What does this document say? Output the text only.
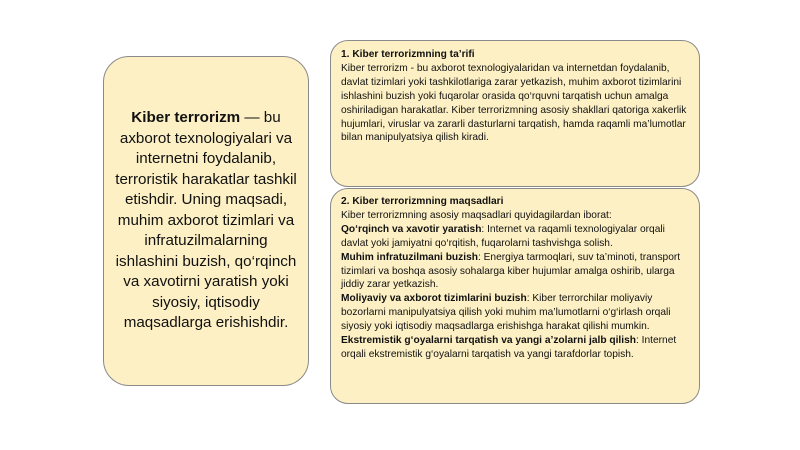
Kiber terrorizm — bu axborot texnologiyalari va internetni foydalanib, terroristik harakatlar tashkil etishdir. Uning maqsadi, muhim axborot tizimlari va infratuzilmalarning ishlashini buzish, qo‘rqinch va xavotirni yaratish yoki siyosiy, iqtisodiy maqsadlarga erishishdir.

1. Kiber terrorizmning ta’rifi

Kiber terrorizm - bu axborot texnologiyalaridan va internetdan foydalanib, davlat tizimlari yoki tashkilotlariga zarar yetkazish, muhim axborot tizimlarini ishlashini buzish yoki fuqarolar orasida qo‘rquvni tarqatish uchun amalga oshiriladigan harakatlar. Kiber terrorizmning asosiy shakllari qatoriga xakerlik hujumlari, viruslar va zararli dasturlarni tarqatish, hamda raqamli ma’lumotlar bilan manipulyatsiya qilish kiradi.

2. Kiber terrorizmning maqsadlari

Kiber terrorizmning asosiy maqsadlari quyidagilardan iborat:

Qo‘rqinch va xavotir yaratish: Internet va raqamli texnologiyalar orqali davlat yoki jamiyatni qo‘rqitish, fuqarolarni tashvishga solish.

Muhim infratuzilmani buzish: Energiya tarmoqlari, suv ta’minoti, transport tizimlari va boshqa asosiy sohalarga kiber hujumlar amalga oshirib, ularga jiddiy zarar yetkazish.

Moliyaviy va axborot tizimlarini buzish: Kiber terrorchilar moliyaviy bozorlarni manipulyatsiya qilish yoki muhim ma’lumotlarni o‘g‘irlash orqali siyosiy yoki iqtisodiy maqsadlarga erishishga harakat qilishi mumkin.

Ekstremistik g‘oyalarni tarqatish va yangi a’zolarni jalb qilish: Internet orqali ekstremistik g‘oyalarni tarqatish va yangi tarafdorlar topish.
